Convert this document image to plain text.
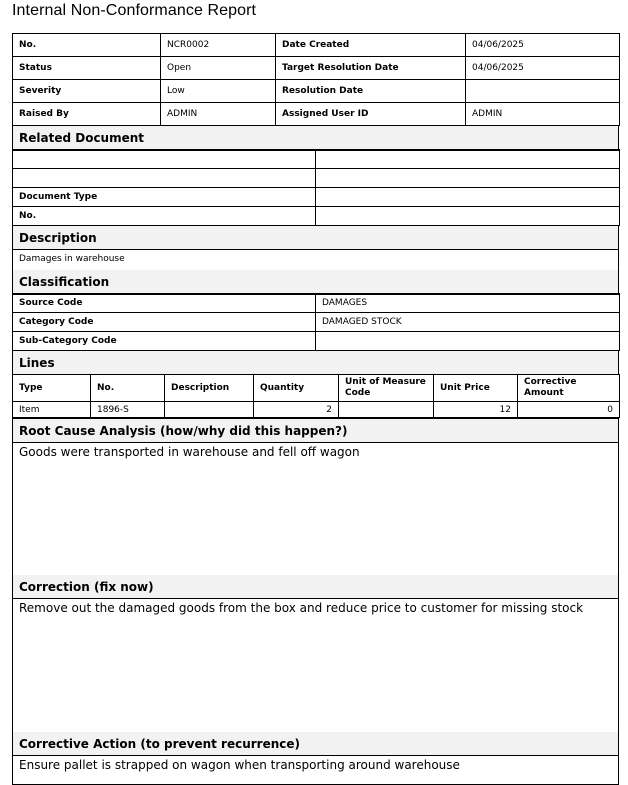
Internal Non-Conformance Report
No.	NCR0002	Date Created	04/06/2025
Status	Open	Target Resolution Date	04/06/2025
Severity	Low	Resolution Date	
Raised By	ADMIN	Assigned User ID	ADMIN
Related Document

Document Type	
No.	
Description
Damages in warehouse
Classification
Source Code	DAMAGES
Category Code	DAMAGED STOCK
Sub-Category Code	
Lines
Type	No.	Description	Quantity	Unit of Measure Code	Unit Price	Corrective Amount
Item	1896-S		2		12	0
Root Cause Analysis (how/why did this happen?)
Goods were transported in warehouse and fell off wagon
Correction (fix now)
Remove out the damaged goods from the box and reduce price to customer for missing stock
Corrective Action (to prevent recurrence)
Ensure pallet is strapped on wagon when transporting around warehouse
